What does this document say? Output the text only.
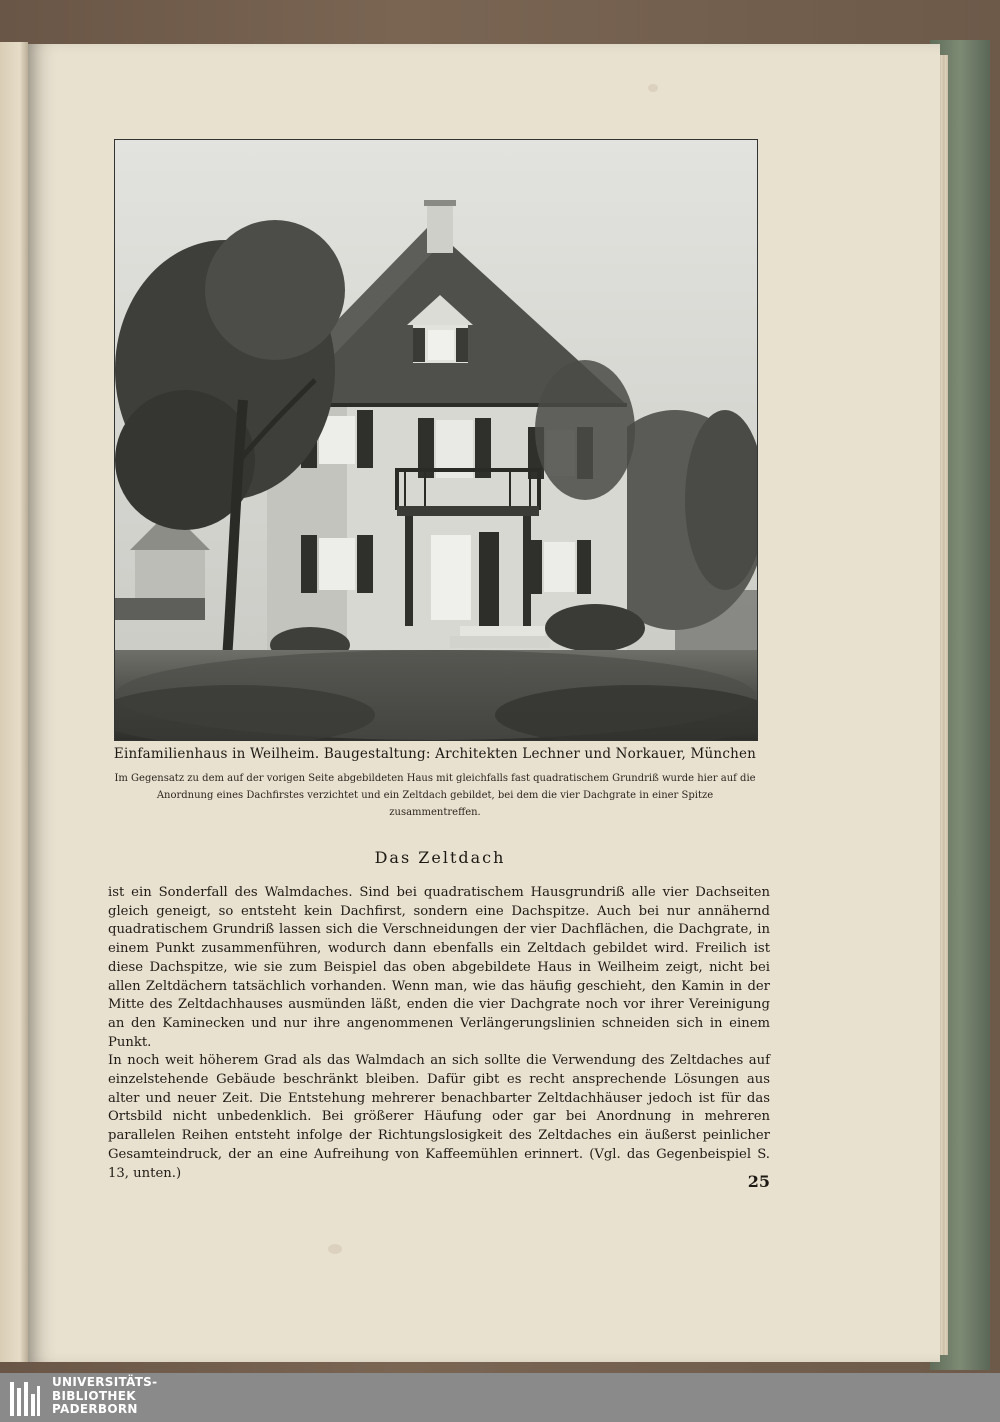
Einfamilienhaus in Weilheim. Baugestaltung: Architekten Lechner und Norkauer, München
Im Gegensatz zu dem auf der vorigen Seite abgebildeten Haus mit gleichfalls fast quadratischem Grundriß wurde hier auf die Anordnung eines Dachfirstes verzichtet und ein Zeltdach gebildet, bei dem die vier Dachgrate in einer Spitze zusammentreffen.
Das Zeltdach

ist ein Sonderfall des Walmdaches. Sind bei quadratischem Hausgrundriß alle vier Dachseiten gleich geneigt, so entsteht kein Dachfirst, sondern eine Dachspitze. Auch bei nur annähernd quadratischem Grundriß lassen sich die Verschneidungen der vier Dachflächen, die Dachgrate, in einem Punkt zusammenführen, wodurch dann ebenfalls ein Zeltdach gebildet wird. Freilich ist diese Dachspitze, wie sie zum Beispiel das oben abgebildete Haus in Weilheim zeigt, nicht bei allen Zeltdächern tatsächlich vorhanden. Wenn man, wie das häufig geschieht, den Kamin in der Mitte des Zeltdachhauses ausmünden läßt, enden die vier Dachgrate noch vor ihrer Vereinigung an den Kaminecken und nur ihre angenommenen Verlängerungslinien schneiden sich in einem Punkt.

In noch weit höherem Grad als das Walmdach an sich sollte die Verwendung des Zeltdaches auf einzelstehende Gebäude beschränkt bleiben. Dafür gibt es recht ansprechende Lösungen aus alter und neuer Zeit. Die Entstehung mehrerer benachbarter Zeltdachhäuser jedoch ist für das Ortsbild nicht unbedenklich. Bei größerer Häufung oder gar bei Anordnung in mehreren parallelen Reihen entsteht infolge der Richtungslosigkeit des Zeltdaches ein äußerst peinlicher Gesamteindruck, der an eine Aufreihung von Kaffeemühlen erinnert. (Vgl. das Gegenbeispiel S. 13, unten.)	25
UNIVERSITÄTS-
BIBLIOTHEK
PADERBORN
